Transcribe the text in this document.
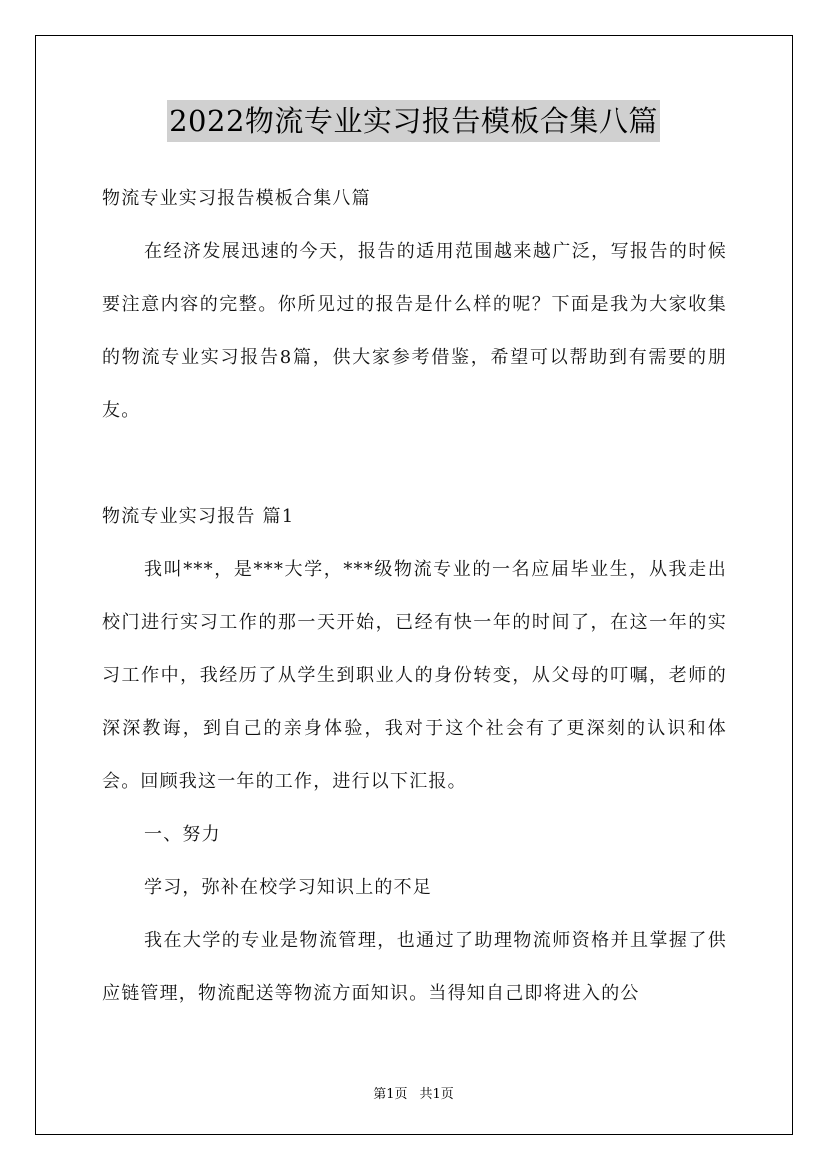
2022物流专业实习报告模板合集八篇

物流专业实习报告模板合集八篇

在经济发展迅速的今天，报告的适用范围越来越广泛，写报告的时候要注意内容的完整。你所见过的报告是什么样的呢？下面是我为大家收集的物流专业实习报告8篇，供大家参考借鉴，希望可以帮助到有需要的朋友。

物流专业实习报告 篇1

我叫***，是***大学，***级物流专业的一名应届毕业生，从我走出校门进行实习工作的那一天开始，已经有快一年的时间了，在这一年的实习工作中，我经历了从学生到职业人的身份转变，从父母的叮嘱，老师的深深教诲，到自己的亲身体验，我对于这个社会有了更深刻的认识和体会。回顾我这一年的工作，进行以下汇报。

一、努力

学习，弥补在校学习知识上的不足

我在大学的专业是物流管理，也通过了助理物流师资格并且掌握了供应链管理，物流配送等物流方面知识。当得知自己即将进入的公

第1页 共1页
